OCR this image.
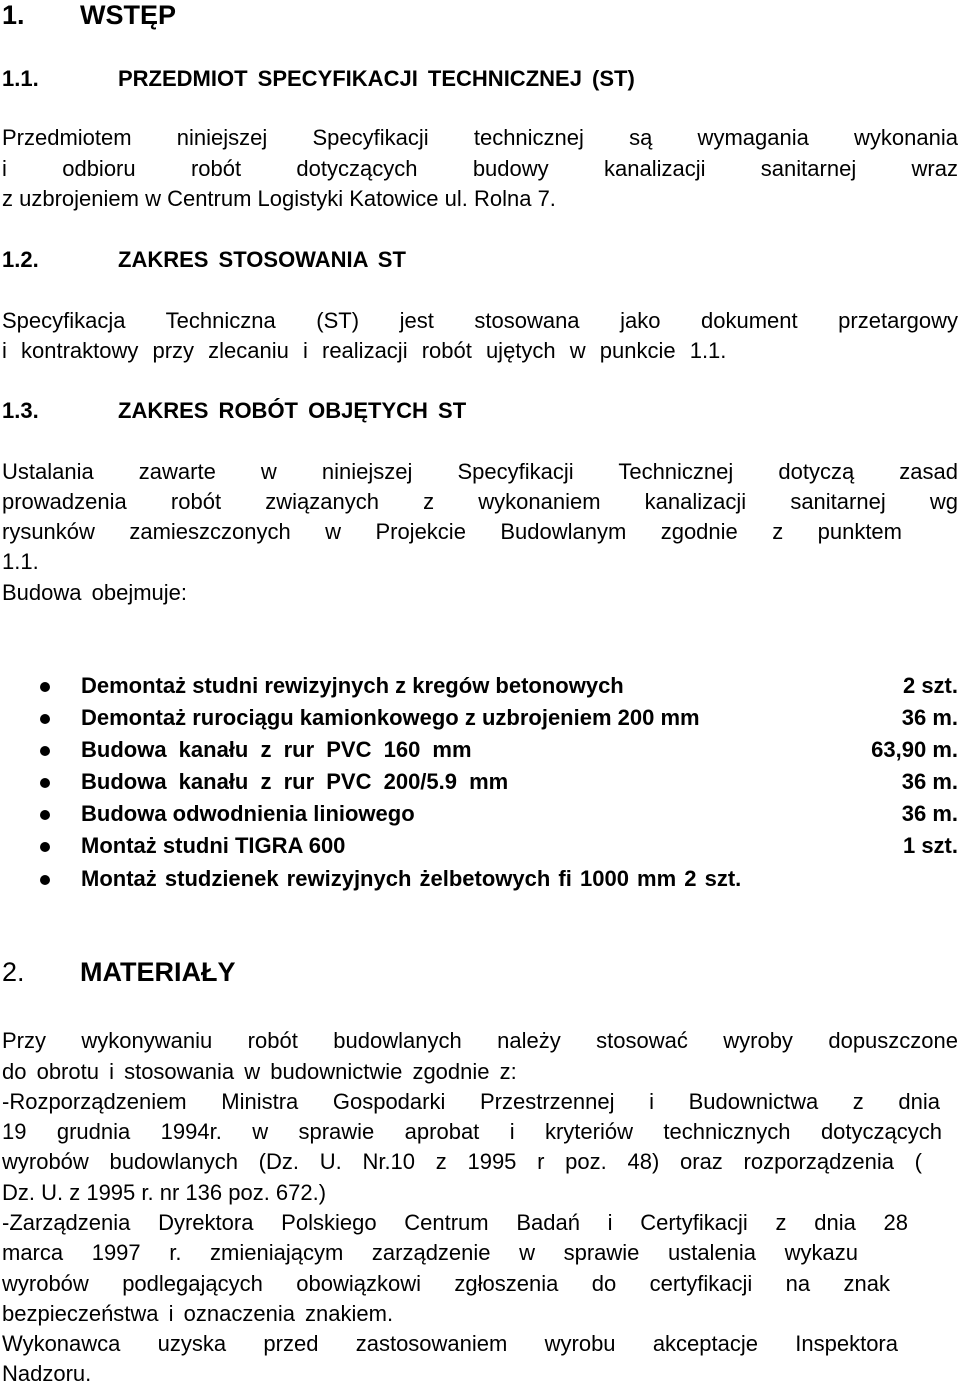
1. WSTĘP
1.1.	PRZEDMIOT SPECYFIKACJI TECHNICZNEJ (ST)
Przedmiotem niniejszej Specyfikacji technicznej są wymagania wykonania
i odbioru robót dotyczących budowy kanalizacji sanitarnej wraz
z uzbrojeniem w Centrum Logistyki Katowice ul. Rolna 7.
1.2.	ZAKRES STOSOWANIA ST
Specyfikacja Techniczna (ST) jest stosowana jako dokument przetargowy
i kontraktowy przy zlecaniu i realizacji robót ujętych w punkcie 1.1.
1.3.	ZAKRES ROBÓT OBJĘTYCH ST
Ustalania zawarte w niniejszej Specyfikacji Technicznej dotyczą zasad
prowadzenia robót związanych z wykonaniem kanalizacji sanitarnej wg
rysunków zamieszczonych w Projekcie Budowlanym zgodnie z punktem
1.1.
Budowa obejmuje:
Demontaż studni rewizyjnych z kregów betonowych	2 szt.
Demontaż rurociągu kamionkowego z uzbrojeniem 200 mm	36 m.
Budowa kanału z rur PVC 160 mm	63,90 m.
Budowa kanału z rur PVC 200/5.9 mm	36 m.
Budowa odwodnienia liniowego	36 m.
Montaż studni TIGRA 600	1 szt.
Montaż studzienek rewizyjnych żelbetowych fi 1000 mm 2 szt.
2. MATERIAŁY
Przy wykonywaniu robót budowlanych należy stosować wyroby dopuszczone
do obrotu i stosowania w budownictwie zgodnie z:
-Rozporządzeniem Ministra Gospodarki Przestrzennej i Budownictwa z dnia
19 grudnia 1994r. w sprawie aprobat i kryteriów technicznych dotyczących
wyrobów budowlanych (Dz. U. Nr.10 z 1995 r poz. 48) oraz rozporządzenia (
Dz. U. z 1995 r. nr 136 poz. 672.)
-Zarządzenia Dyrektora Polskiego Centrum Badań i Certyfikacji z dnia 28
marca 1997 r. zmieniającym zarządzenie w sprawie ustalenia wykazu
wyrobów podlegających obowiązkowi zgłoszenia do certyfikacji na znak
bezpieczeństwa i oznaczenia znakiem.
Wykonawca uzyska przed zastosowaniem wyrobu akceptacje Inspektora
Nadzoru.
